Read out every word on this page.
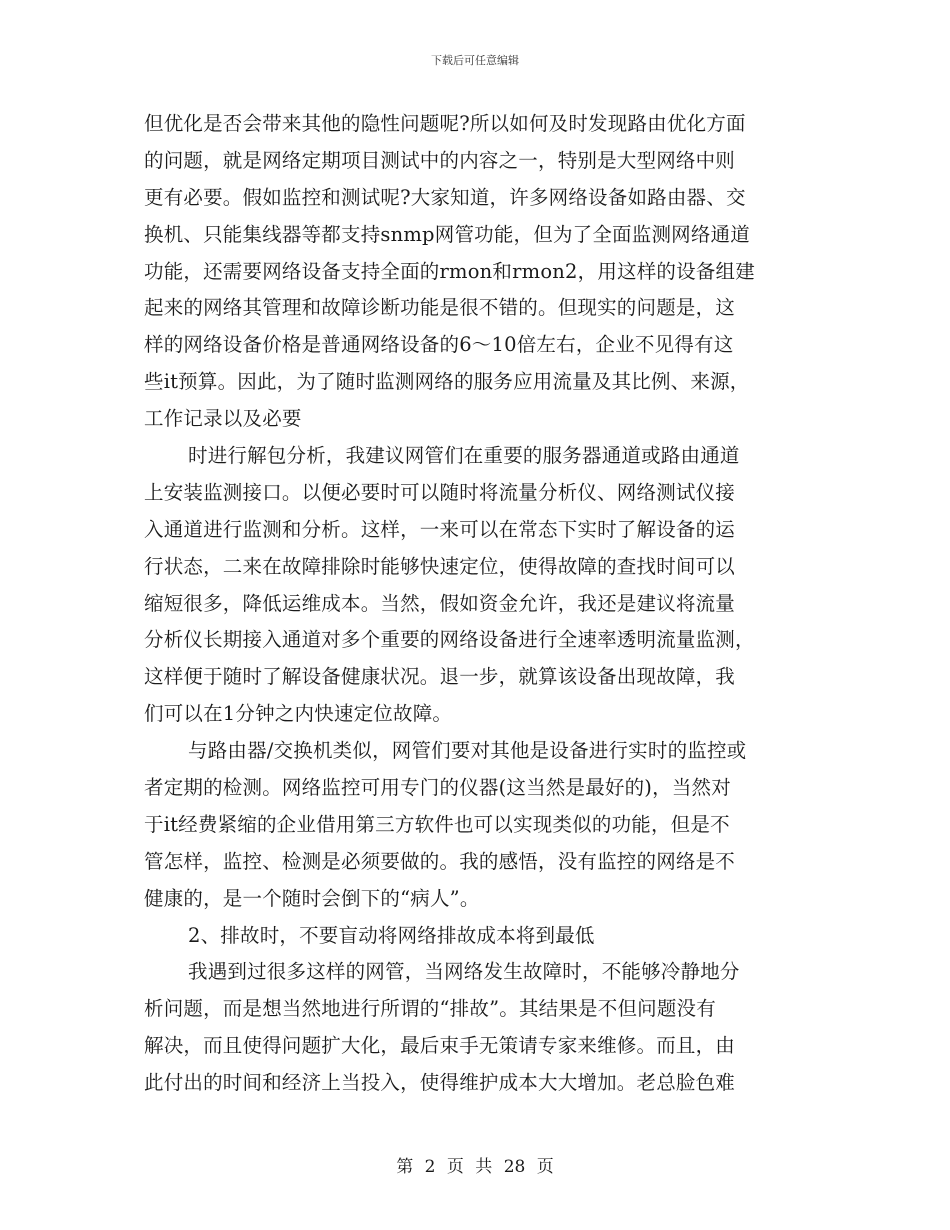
下载后可任意编辑
但优化是否会带来其他的隐性问题呢?所以如何及时发现路由优化方面
的问题，就是网络定期项目测试中的内容之一，特别是大型网络中则
更有必要。假如监控和测试呢?大家知道，许多网络设备如路由器、交
换机、只能集线器等都支持snmp网管功能，但为了全面监测网络通道
功能，还需要网络设备支持全面的rmon和rmon2，用这样的设备组建
起来的网络其管理和故障诊断功能是很不错的。但现实的问题是，这
样的网络设备价格是普通网络设备的6～10倍左右，企业不见得有这
些it预算。因此，为了随时监测网络的服务应用流量及其比例、来源，
工作记录以及必要
时进行解包分析，我建议网管们在重要的服务器通道或路由通道
上安装监测接口。以便必要时可以随时将流量分析仪、网络测试仪接
入通道进行监测和分析。这样，一来可以在常态下实时了解设备的运
行状态，二来在故障排除时能够快速定位，使得故障的查找时间可以
缩短很多，降低运维成本。当然，假如资金允许，我还是建议将流量
分析仪长期接入通道对多个重要的网络设备进行全速率透明流量监测，
这样便于随时了解设备健康状况。退一步，就算该设备出现故障，我
们可以在1分钟之内快速定位故障。
与路由器/交换机类似，网管们要对其他是设备进行实时的监控或
者定期的检测。网络监控可用专门的仪器(这当然是最好的)，当然对
于it经费紧缩的企业借用第三方软件也可以实现类似的功能，但是不
管怎样，监控、检测是必须要做的。我的感悟，没有监控的网络是不
健康的，是一个随时会倒下的“病人”。
2、排故时，不要盲动将网络排故成本将到最低
我遇到过很多这样的网管，当网络发生故障时，不能够冷静地分
析问题，而是想当然地进行所谓的“排故”。其结果是不但问题没有
解决，而且使得问题扩大化，最后束手无策请专家来维修。而且，由
此付出的时间和经济上当投入，使得维护成本大大增加。老总脸色难
第 2 页 共 28 页
